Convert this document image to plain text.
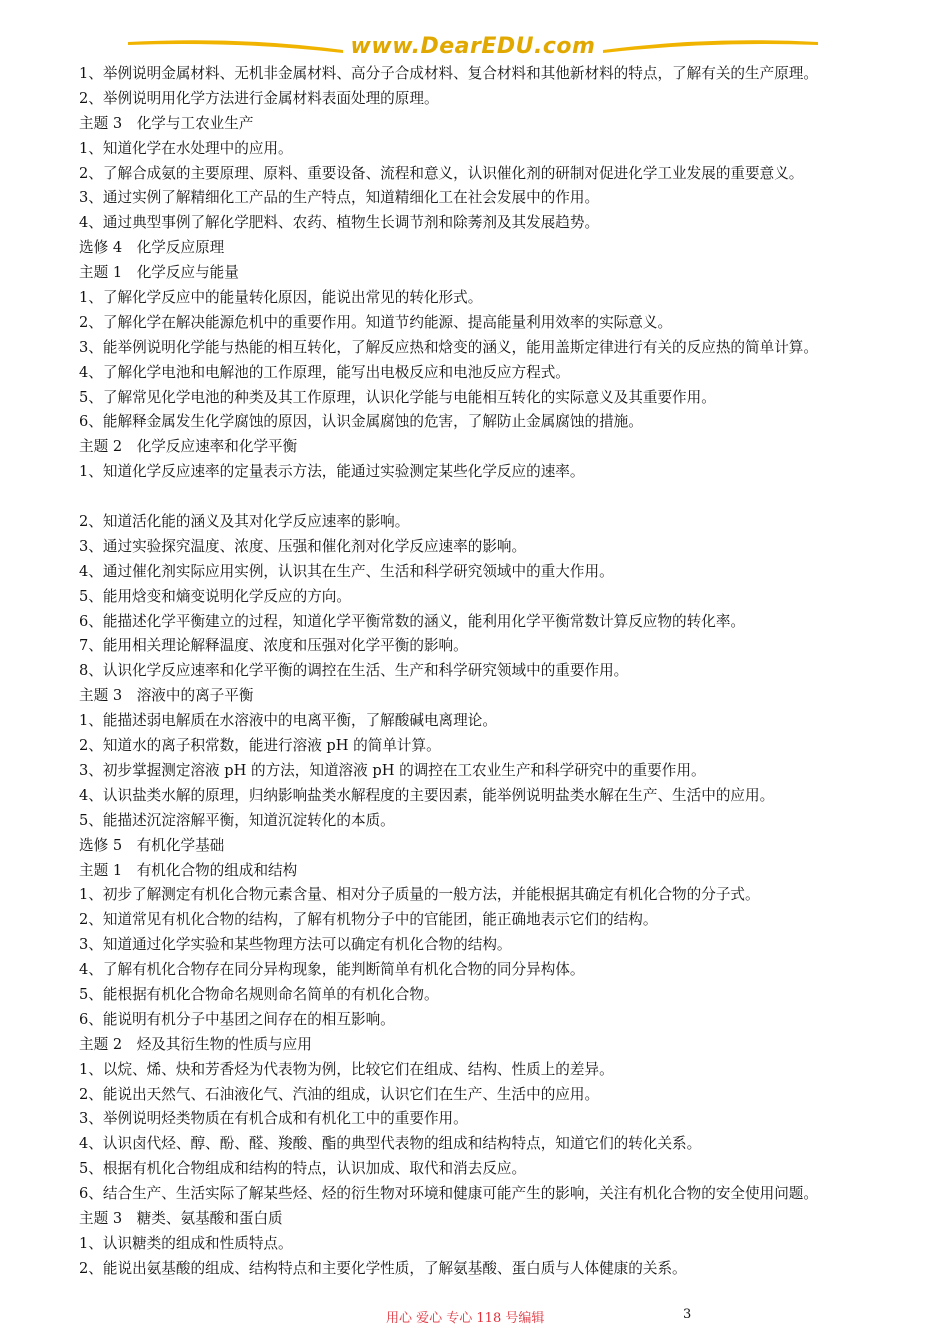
www.DearEDU.com
1、举例说明金属材料、无机非金属材料、高分子合成材料、复合材料和其他新材料的特点，了解有关的生产原理。
2、举例说明用化学方法进行金属材料表面处理的原理。
主题 3　化学与工农业生产
1、知道化学在水处理中的应用。
2、了解合成氨的主要原理、原料、重要设备、流程和意义，认识催化剂的研制对促进化学工业发展的重要意义。
3、通过实例了解精细化工产品的生产特点，知道精细化工在社会发展中的作用。
4、通过典型事例了解化学肥料、农药、植物生长调节剂和除莠剂及其发展趋势。
选修 4　化学反应原理
主题 1　化学反应与能量
1、了解化学反应中的能量转化原因，能说出常见的转化形式。
2、了解化学在解决能源危机中的重要作用。知道节约能源、提高能量利用效率的实际意义。
3、能举例说明化学能与热能的相互转化，了解反应热和焓变的涵义，能用盖斯定律进行有关的反应热的简单计算。
4、了解化学电池和电解池的工作原理，能写出电极反应和电池反应方程式。
5、了解常见化学电池的种类及其工作原理，认识化学能与电能相互转化的实际意义及其重要作用。
6、能解释金属发生化学腐蚀的原因，认识金属腐蚀的危害，了解防止金属腐蚀的措施。
主题 2　化学反应速率和化学平衡
1、知道化学反应速率的定量表示方法，能通过实验测定某些化学反应的速率。
2、知道活化能的涵义及其对化学反应速率的影响。
3、通过实验探究温度、浓度、压强和催化剂对化学反应速率的影响。
4、通过催化剂实际应用实例，认识其在生产、生活和科学研究领域中的重大作用。
5、能用焓变和熵变说明化学反应的方向。
6、能描述化学平衡建立的过程，知道化学平衡常数的涵义，能利用化学平衡常数计算反应物的转化率。
7、能用相关理论解释温度、浓度和压强对化学平衡的影响。
8、认识化学反应速率和化学平衡的调控在生活、生产和科学研究领域中的重要作用。
主题 3　溶液中的离子平衡
1、能描述弱电解质在水溶液中的电离平衡，了解酸碱电离理论。
2、知道水的离子积常数，能进行溶液 pH 的简单计算。
3、初步掌握测定溶液 pH 的方法，知道溶液 pH 的调控在工农业生产和科学研究中的重要作用。
4、认识盐类水解的原理，归纳影响盐类水解程度的主要因素，能举例说明盐类水解在生产、生活中的应用。
5、能描述沉淀溶解平衡，知道沉淀转化的本质。
选修 5　有机化学基础
主题 1　有机化合物的组成和结构
1、初步了解测定有机化合物元素含量、相对分子质量的一般方法，并能根据其确定有机化合物的分子式。
2、知道常见有机化合物的结构，了解有机物分子中的官能团，能正确地表示它们的结构。
3、知道通过化学实验和某些物理方法可以确定有机化合物的结构。
4、了解有机化合物存在同分异构现象，能判断简单有机化合物的同分异构体。
5、能根据有机化合物命名规则命名简单的有机化合物。
6、能说明有机分子中基团之间存在的相互影响。
主题 2　烃及其衍生物的性质与应用
1、以烷、烯、炔和芳香烃为代表物为例，比较它们在组成、结构、性质上的差异。
2、能说出天然气、石油液化气、汽油的组成，认识它们在生产、生活中的应用。
3、举例说明烃类物质在有机合成和有机化工中的重要作用。
4、认识卤代烃、醇、酚、醛、羧酸、酯的典型代表物的组成和结构特点，知道它们的转化关系。
5、根据有机化合物组成和结构的特点，认识加成、取代和消去反应。
6、结合生产、生活实际了解某些烃、烃的衍生物对环境和健康可能产生的影响，关注有机化合物的安全使用问题。
主题 3　糖类、氨基酸和蛋白质
1、认识糖类的组成和性质特点。
2、能说出氨基酸的组成、结构特点和主要化学性质，了解氨基酸、蛋白质与人体健康的关系。
用心 爱心 专心 118 号编辑	3
